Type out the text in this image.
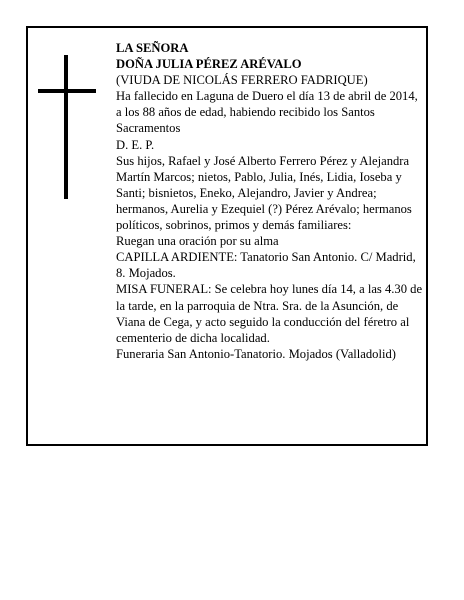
LA SEÑORA

DOÑA JULIA PÉREZ ARÉVALO

(VIUDA DE NICOLÁS FERRERO FADRIQUE)

Ha fallecido en Laguna de Duero el día 13 de abril de 2014, a los 88 años de edad, habiendo recibido los Santos Sacramentos

D. E. P.

Sus hijos, Rafael y José Alberto Ferrero Pérez y Alejandra Martín Marcos; nietos, Pablo, Julia, Inés, Lidia, Ioseba y Santi; bisnietos, Eneko, Alejandro, Javier y Andrea; hermanos, Aurelia y Ezequiel (?) Pérez Arévalo; hermanos políticos, sobrinos, primos y demás familiares:

Ruegan una oración por su alma

CAPILLA ARDIENTE: Tanatorio San Antonio. C/ Madrid, 8. Mojados.

MISA FUNERAL: Se celebra hoy lunes día 14, a las 4.30 de la tarde, en la parroquia de Ntra. Sra. de la Asunción, de Viana de Cega, y acto seguido la conducción del féretro al cementerio de dicha localidad.

Funeraria San Antonio-Tanatorio. Mojados (Valladolid)
